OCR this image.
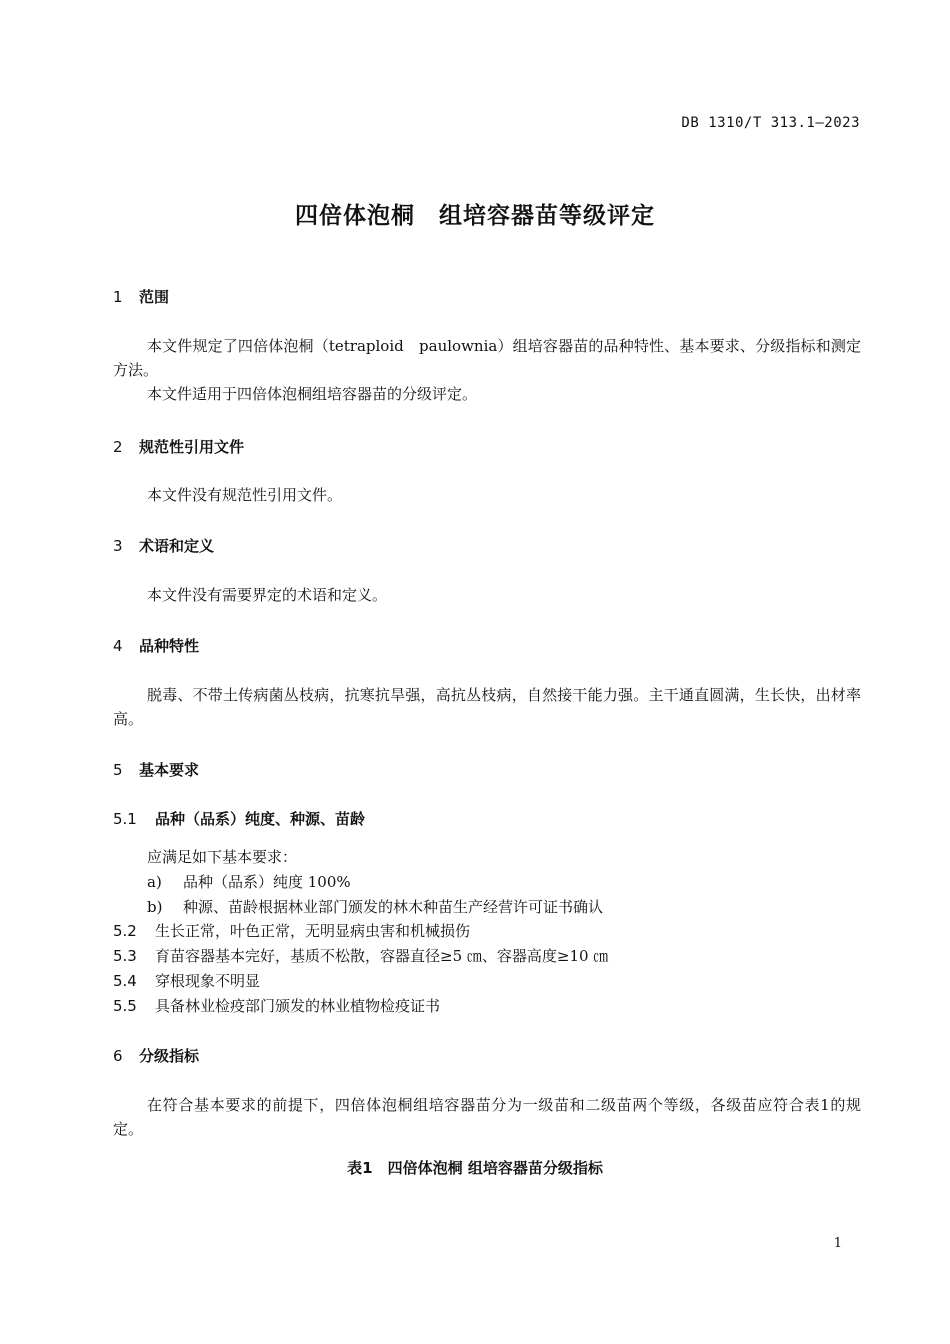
DB 1310/T 313.1—2023
四倍体泡桐　组培容器苗等级评定
1 范围
本文件规定了四倍体泡桐（tetraploid　paulownia）组培容器苗的品种特性、基本要求、分级指标和测定方法。
本文件适用于四倍体泡桐组培容器苗的分级评定。
2 规范性引用文件
本文件没有规范性引用文件。
3 术语和定义
本文件没有需要界定的术语和定义。
4 品种特性
脱毒、不带土传病菌丛枝病，抗寒抗旱强，高抗丛枝病，自然接干能力强。主干通直圆满，生长快，出材率高。
5 基本要求
5.1 品种（品系）纯度、种源、苗龄
应满足如下基本要求：
a) 品种（品系）纯度 100%
b) 种源、苗龄根据林业部门颁发的林木种苗生产经营许可证书确认
5.2 生长正常，叶色正常，无明显病虫害和机械损伤
5.3 育苗容器基本完好，基质不松散，容器直径≥5 ㎝、容器高度≥10 ㎝
5.4 穿根现象不明显
5.5 具备林业检疫部门颁发的林业植物检疫证书
6 分级指标
在符合基本要求的前提下，四倍体泡桐组培容器苗分为一级苗和二级苗两个等级，各级苗应符合表1的规定。
表1　四倍体泡桐 组培容器苗分级指标
1
